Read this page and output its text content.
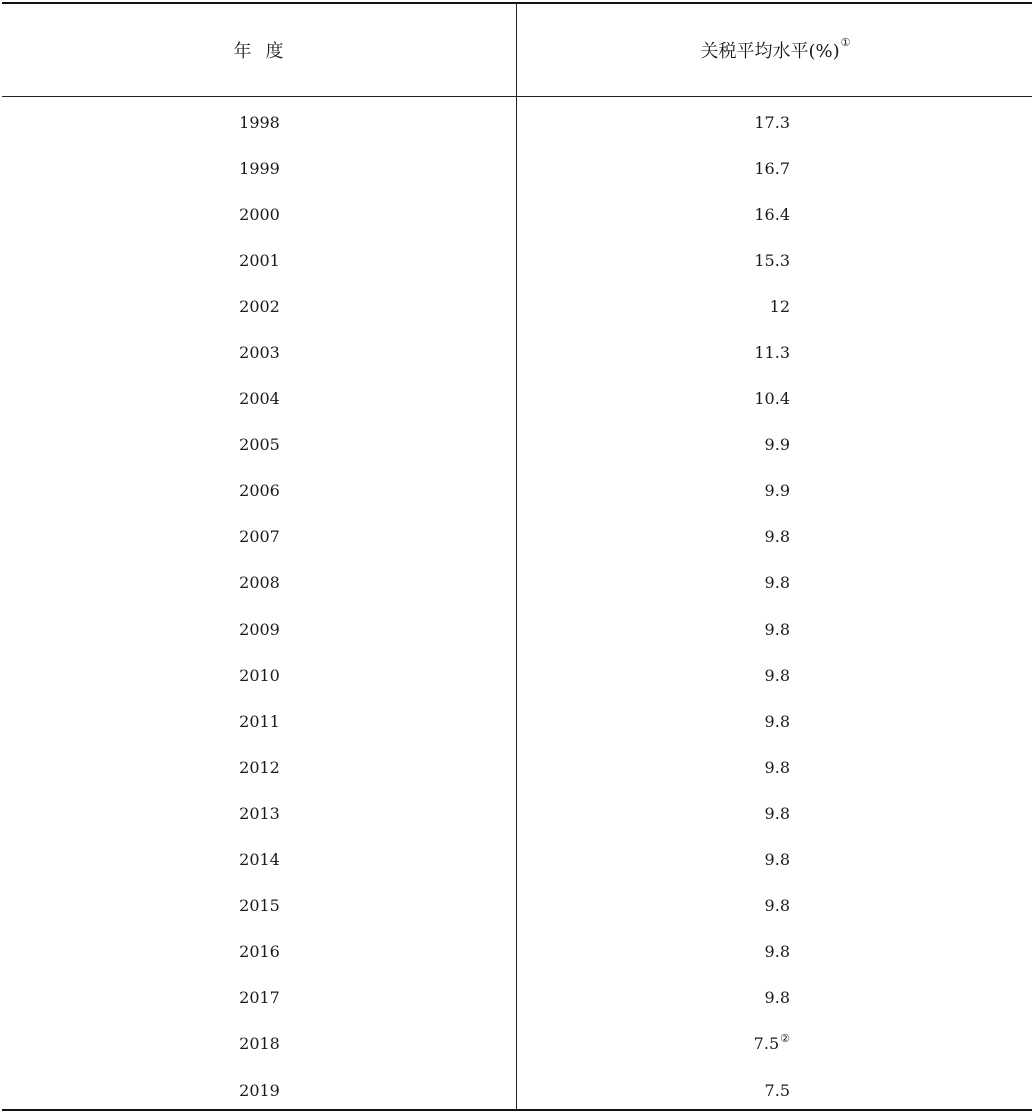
年度	关税平均水平(%)①
1998	17.3
1999	16.7
2000	16.4
2001	15.3
2002	12
2003	11.3
2004	10.4
2005	9.9
2006	9.9
2007	9.8
2008	9.8
2009	9.8
2010	9.8
2011	9.8
2012	9.8
2013	9.8
2014	9.8
2015	9.8
2016	9.8
2017	9.8
2018	7.5②
2019	7.5
